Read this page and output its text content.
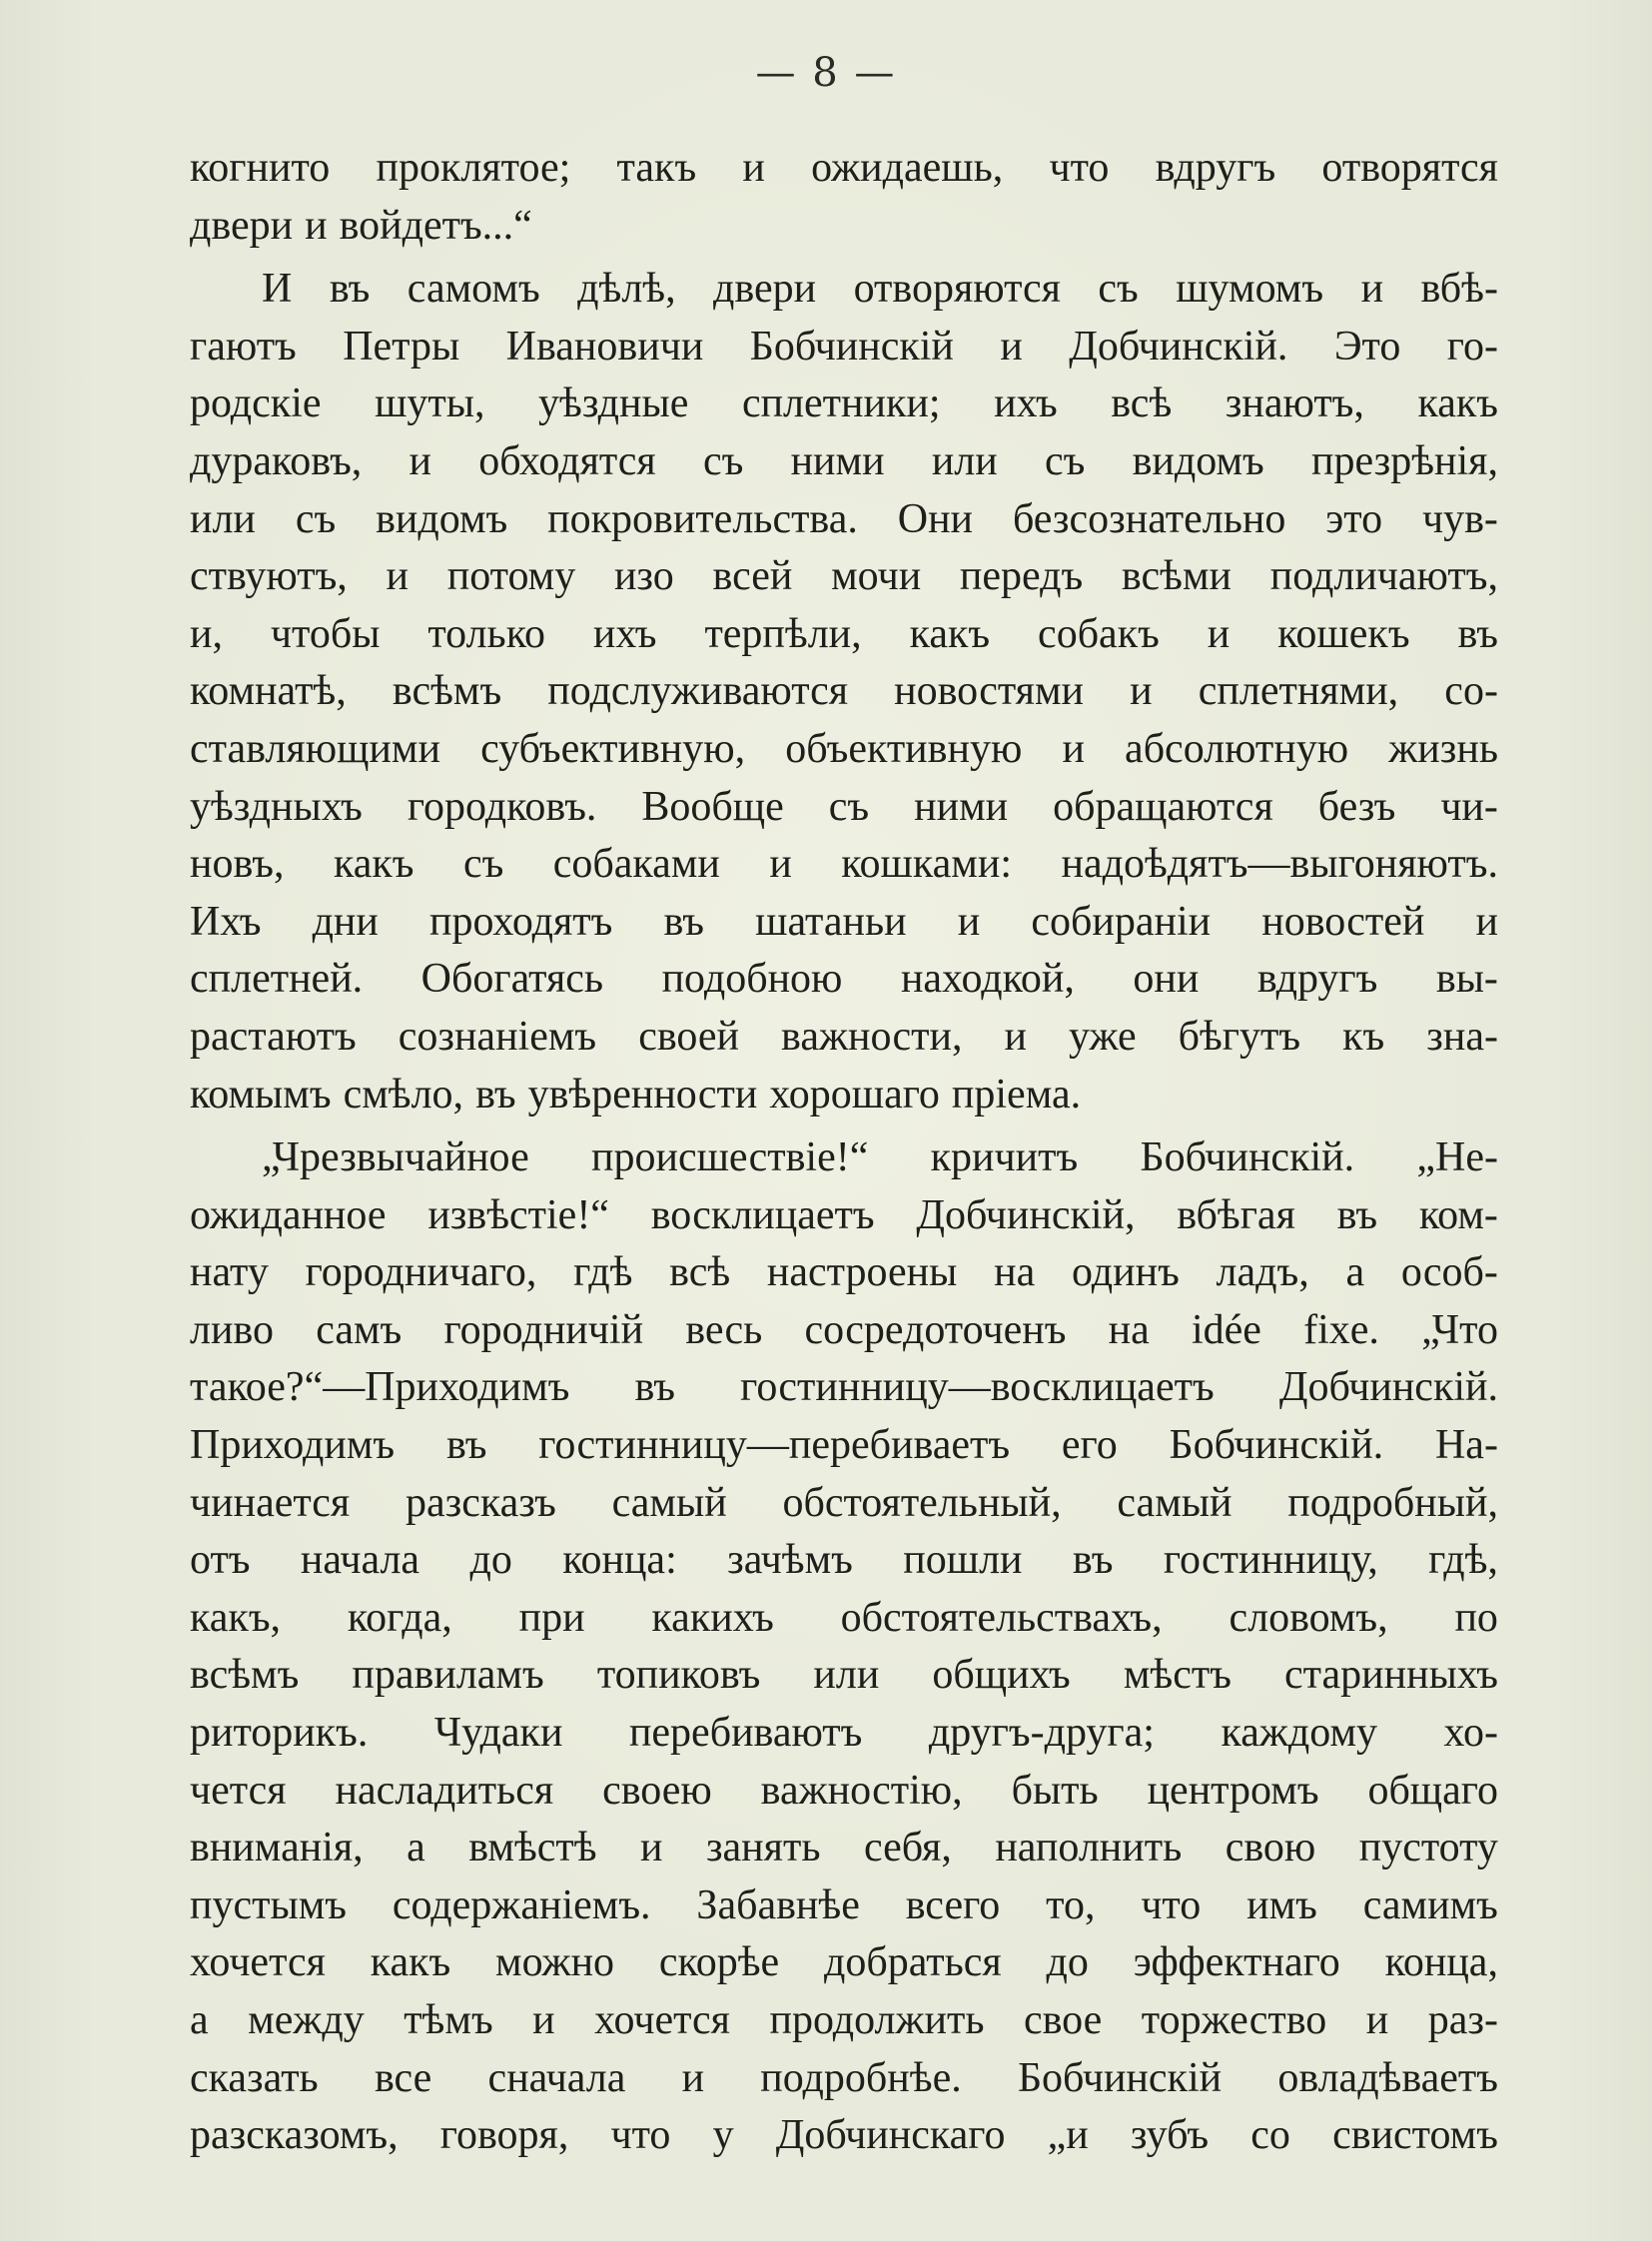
— 8 —
когнито проклятое; такъ и ожидаешь, что вдругъ отворятся
двери и войдетъ...“
И въ самомъ дѣлѣ, двери отворяются съ шумомъ и вбѣ-
гаютъ Петры Ивановичи Бобчинскій и Добчинскій. Это го-
родскіе шуты, уѣздные сплетники; ихъ всѣ знаютъ, какъ
дураковъ, и обходятся съ ними или съ видомъ презрѣнія,
или съ видомъ покровительства. Они безсознательно это чув-
ствуютъ, и потому изо всей мочи передъ всѣми подличаютъ,
и, чтобы только ихъ терпѣли, какъ собакъ и кошекъ въ
комнатѣ, всѣмъ подслуживаются новостями и сплетнями, со-
ставляющими субъективную, объективную и абсолютную жизнь
уѣздныхъ городковъ. Вообще съ ними обращаются безъ чи-
новъ, какъ съ собаками и кошками: надоѣдятъ—выгоняютъ.
Ихъ дни проходятъ въ шатаньи и собираніи новостей и
сплетней. Обогатясь подобною находкой, они вдругъ вы-
растаютъ сознаніемъ своей важности, и уже бѣгутъ къ зна-
комымъ смѣло, въ увѣренности хорошаго пріема.
„Чрезвычайное происшествіе!“ кричитъ Бобчинскій. „Не-
ожиданное извѣстіе!“ восклицаетъ Добчинскій, вбѣгая въ ком-
нату городничаго, гдѣ всѣ настроены на одинъ ладъ, а особ-
ливо самъ городничій весь сосредоточенъ на idée fixe. „Что
такое?“—Приходимъ въ гостинницу—восклицаетъ Добчинскій.
Приходимъ въ гостинницу—перебиваетъ его Бобчинскій. На-
чинается разсказъ самый обстоятельный, самый подробный,
отъ начала до конца: зачѣмъ пошли въ гостинницу, гдѣ,
какъ, когда, при какихъ обстоятельствахъ, словомъ, по
всѣмъ правиламъ топиковъ или общихъ мѣстъ старинныхъ
риторикъ. Чудаки перебиваютъ другъ-друга; каждому хо-
чется насладиться своею важностію, быть центромъ общаго
вниманія, а вмѣстѣ и занять себя, наполнить свою пустоту
пустымъ содержаніемъ. Забавнѣе всего то, что имъ самимъ
хочется какъ можно скорѣе добраться до эффектнаго конца,
а между тѣмъ и хочется продолжить свое торжество и раз-
сказать все сначала и подробнѣе. Бобчинскій овладѣваетъ
разсказомъ, говоря, что у Добчинскаго „и зубъ со свистомъ
